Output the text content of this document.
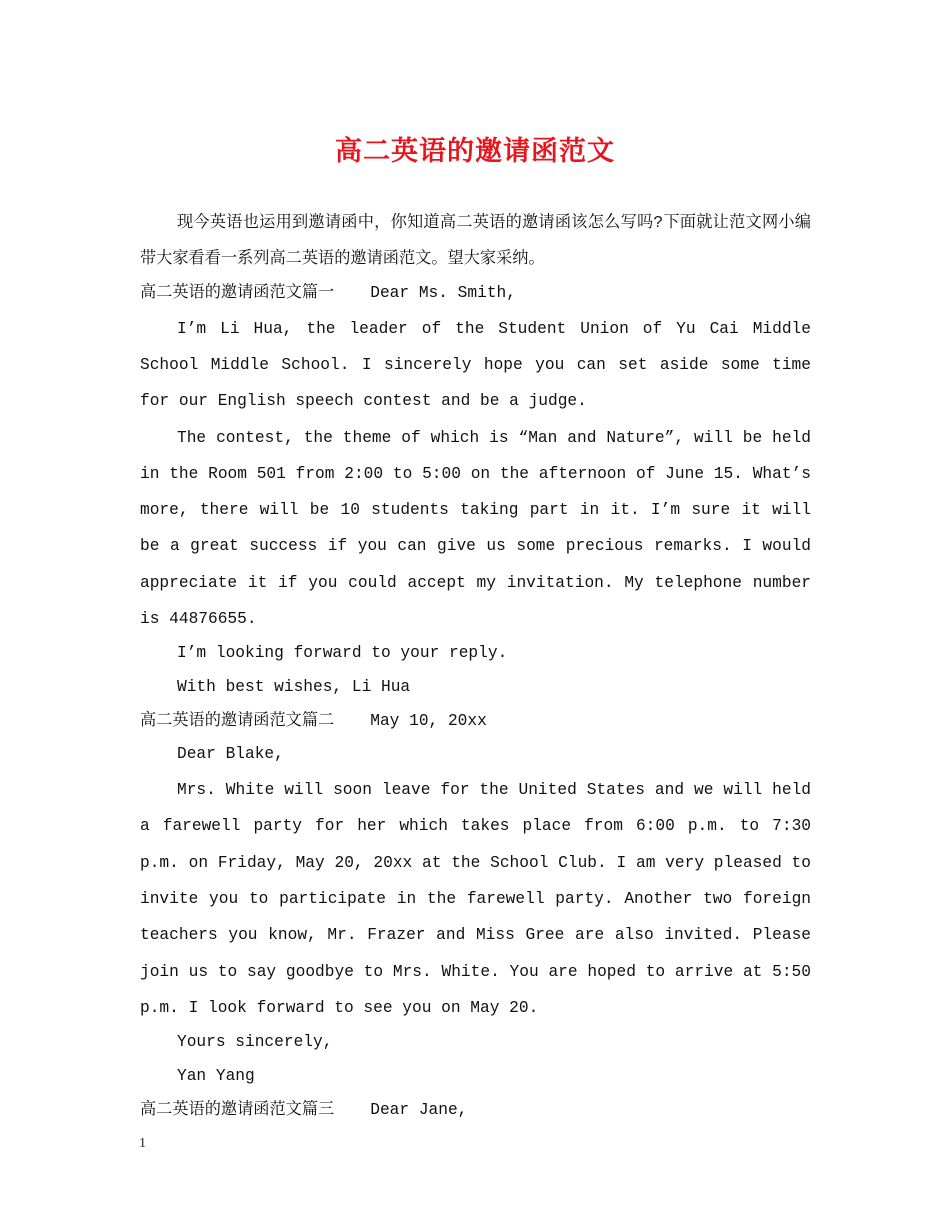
高二英语的邀请函范文

现今英语也运用到邀请函中，你知道高二英语的邀请函该怎么写吗?下面就让范文网小编带大家看看一系列高二英语的邀请函范文。望大家采纳。

高二英语的邀请函范文篇一 Dear Ms. Smith,

I’m Li Hua, the leader of the Student Union of Yu Cai Middle School Middle School. I sincerely hope you can set aside some time for our English speech contest and be a judge.

The contest, the theme of which is “Man and Nature”, will be held in the Room 501 from 2:00 to 5:00 on the afternoon of June 15. What’s more, there will be 10 students taking part in it. I’m sure it will be a great success if you can give us some precious remarks. I would appreciate it if you could accept my invitation. My telephone number is 44876655.

I’m looking forward to your reply.
With best wishes, Li Hua
高二英语的邀请函范文篇二 May 10, 20xx
Dear Blake,

Mrs. White will soon leave for the United States and we will held a farewell party for her which takes place from 6:00 p.m. to 7:30 p.m. on Friday, May 20, 20xx at the School Club. I am very pleased to invite you to participate in the farewell party. Another two foreign teachers you know, Mr. Frazer and Miss Gree are also invited. Please join us to say goodbye to Mrs. White. You are hoped to arrive at 5:50 p.m. I look forward to see you on May 20.

Yours sincerely,
Yan Yang
高二英语的邀请函范文篇三 Dear Jane,
1
